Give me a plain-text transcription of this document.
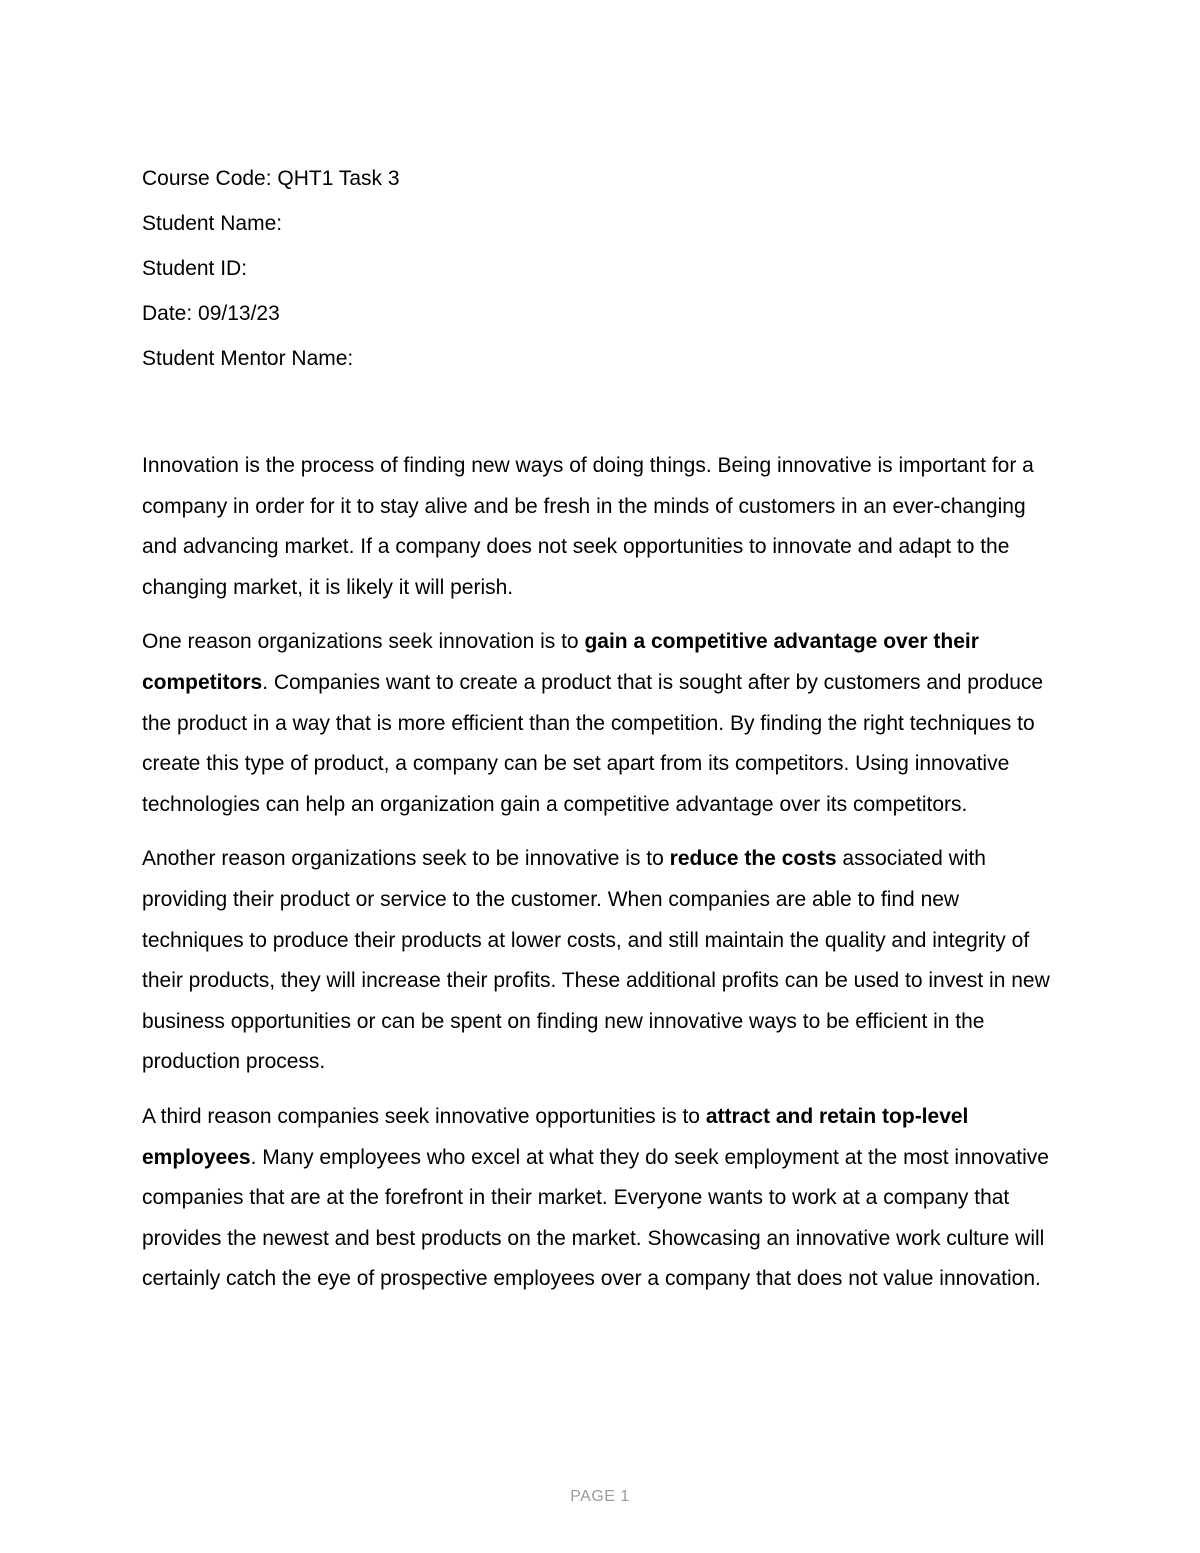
Course Code: QHT1 Task 3
Student Name:
Student ID:
Date: 09/13/23
Student Mentor Name:

Innovation is the process of finding new ways of doing things. Being innovative is important for a company in order for it to stay alive and be fresh in the minds of customers in an ever-changing and advancing market. If a company does not seek opportunities to innovate and adapt to the changing market, it is likely it will perish.

One reason organizations seek innovation is to gain a competitive advantage over their competitors. Companies want to create a product that is sought after by customers and produce the product in a way that is more efficient than the competition. By finding the right techniques to create this type of product, a company can be set apart from its competitors. Using innovative technologies can help an organization gain a competitive advantage over its competitors.

Another reason organizations seek to be innovative is to reduce the costs associated with providing their product or service to the customer. When companies are able to find new techniques to produce their products at lower costs, and still maintain the quality and integrity of their products, they will increase their profits. These additional profits can be used to invest in new business opportunities or can be spent on finding new innovative ways to be efficient in the production process.

A third reason companies seek innovative opportunities is to attract and retain top-level employees. Many employees who excel at what they do seek employment at the most innovative companies that are at the forefront in their market. Everyone wants to work at a company that provides the newest and best products on the market. Showcasing an innovative work culture will certainly catch the eye of prospective employees over a company that does not value innovation.

PAGE 1
